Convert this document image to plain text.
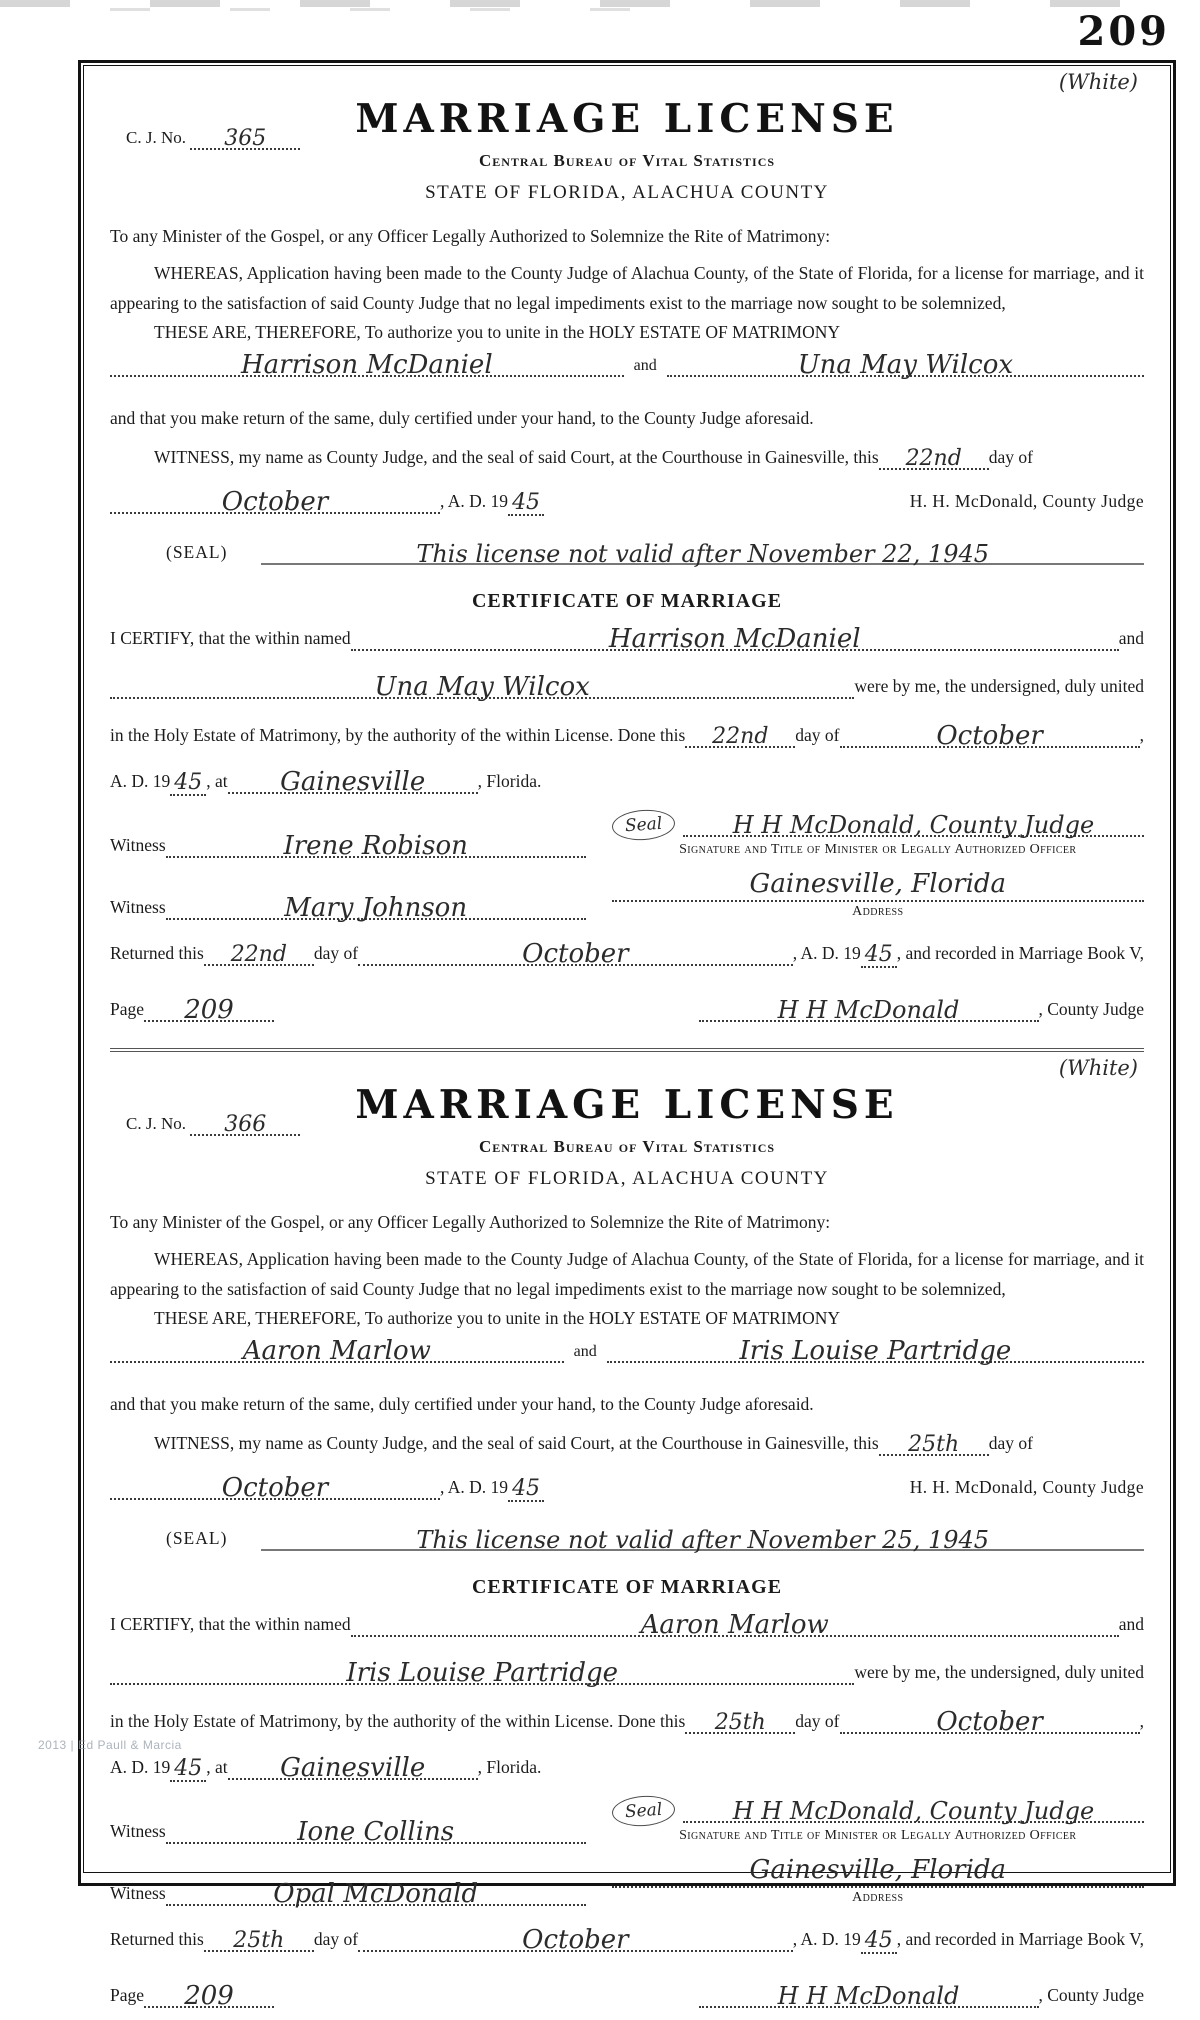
209
(White)
C. J. No. 365	MARRIAGE LICENSE
Central Bureau of Vital Statistics
STATE OF FLORIDA, ALACHUA COUNTY

To any Minister of the Gospel, or any Officer Legally Authorized to Solemnize the Rite of Matrimony:

WHEREAS, Application having been made to the County Judge of Alachua County, of the State of Florida, for a license for marriage, and it appearing to the satisfaction of said County Judge that no legal impediments exist to the marriage now sought to be solemnized,

THESE ARE, THEREFORE, To authorize you to unite in the HOLY ESTATE OF MATRIMONY
Harrison McDaniel	and	Una May Wilcox

and that you make return of the same, duly certified under your hand, to the County Judge aforesaid.

WITNESS, my name as County Judge, and the seal of said Court, at the Courthouse in Gainesville, this	22nd	day of
October	, A. D. 19 45	H. H. McDonald, County Judge
(SEAL)	This license not valid after November 22, 1945
CERTIFICATE OF MARRIAGE
I CERTIFY, that the within named	Harrison McDaniel	and
Una May Wilcox	were by me, the undersigned, duly united
in the Holy Estate of Matrimony, by the authority of the within License. Done this	22nd	day of	October	,
A. D. 19 45 , at	Gainesville	, Florida.
Witness	Irene Robison
Seal	H H McDonald, County Judge
Signature and Title of Minister or Legally Authorized Officer
Witness	Mary Johnson
Gainesville, Florida
Address
Returned this	22nd	day of	October	, A. D. 19 45 , and recorded in Marriage Book V,
Page	209	H H McDonald	, County Judge
(White)
C. J. No. 366	MARRIAGE LICENSE
Central Bureau of Vital Statistics
STATE OF FLORIDA, ALACHUA COUNTY

To any Minister of the Gospel, or any Officer Legally Authorized to Solemnize the Rite of Matrimony:

WHEREAS, Application having been made to the County Judge of Alachua County, of the State of Florida, for a license for marriage, and it appearing to the satisfaction of said County Judge that no legal impediments exist to the marriage now sought to be solemnized,

THESE ARE, THEREFORE, To authorize you to unite in the HOLY ESTATE OF MATRIMONY
Aaron Marlow	and	Iris Louise Partridge

and that you make return of the same, duly certified under your hand, to the County Judge aforesaid.

WITNESS, my name as County Judge, and the seal of said Court, at the Courthouse in Gainesville, this	25th	day of
October	, A. D. 19 45	H. H. McDonald, County Judge
(SEAL)	This license not valid after November 25, 1945
CERTIFICATE OF MARRIAGE
I CERTIFY, that the within named	Aaron Marlow	and
Iris Louise Partridge	were by me, the undersigned, duly united
in the Holy Estate of Matrimony, by the authority of the within License. Done this	25th	day of	October	,
A. D. 19 45 , at	Gainesville	, Florida.
Witness	Ione Collins
Seal	H H McDonald, County Judge
Signature and Title of Minister or Legally Authorized Officer
Witness	Opal McDonald
Gainesville, Florida
Address
Returned this	25th	day of	October	, A. D. 19 45 , and recorded in Marriage Book V,
Page	209	H H McDonald	, County Judge
2013 | Ed Paull & Marcia
